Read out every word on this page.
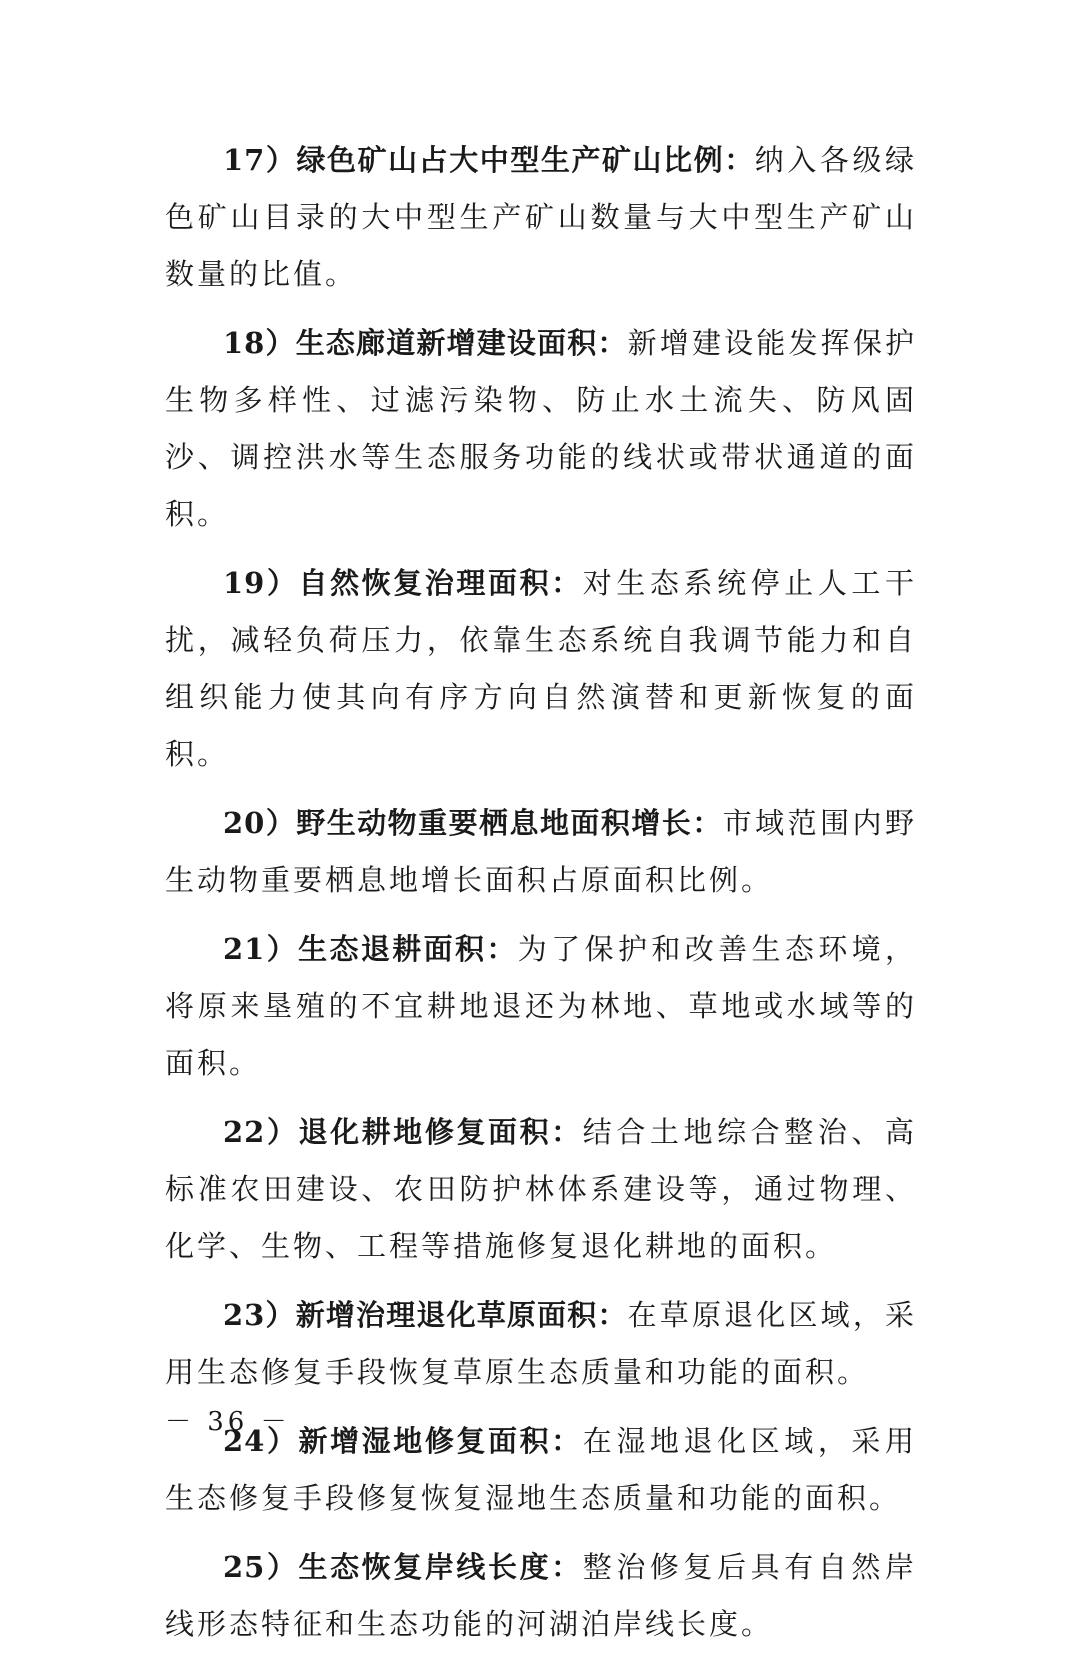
17）绿色矿山占大中型生产矿山比例：纳入各级绿色矿山目录的大中型生产矿山数量与大中型生产矿山数量的比值。

18）生态廊道新增建设面积：新增建设能发挥保护生物多样性、过滤污染物、防止水土流失、防风固沙、调控洪水等生态服务功能的线状或带状通道的面积。

19）自然恢复治理面积：对生态系统停止人工干扰，减轻负荷压力，依靠生态系统自我调节能力和自组织能力使其向有序方向自然演替和更新恢复的面积。

20）野生动物重要栖息地面积增长：市域范围内野生动物重要栖息地增长面积占原面积比例。

21）生态退耕面积：为了保护和改善生态环境，将原来垦殖的不宜耕地退还为林地、草地或水域等的面积。

22）退化耕地修复面积：结合土地综合整治、高标准农田建设、农田防护林体系建设等，通过物理、化学、生物、工程等措施修复退化耕地的面积。

23）新增治理退化草原面积：在草原退化区域，采用生态修复手段恢复草原生态质量和功能的面积。

24）新增湿地修复面积：在湿地退化区域，采用生态修复手段修复恢复湿地生态质量和功能的面积。

25）生态恢复岸线长度：整治修复后具有自然岸线形态特征和生态功能的河湖泊岸线长度。

－ 36 －
